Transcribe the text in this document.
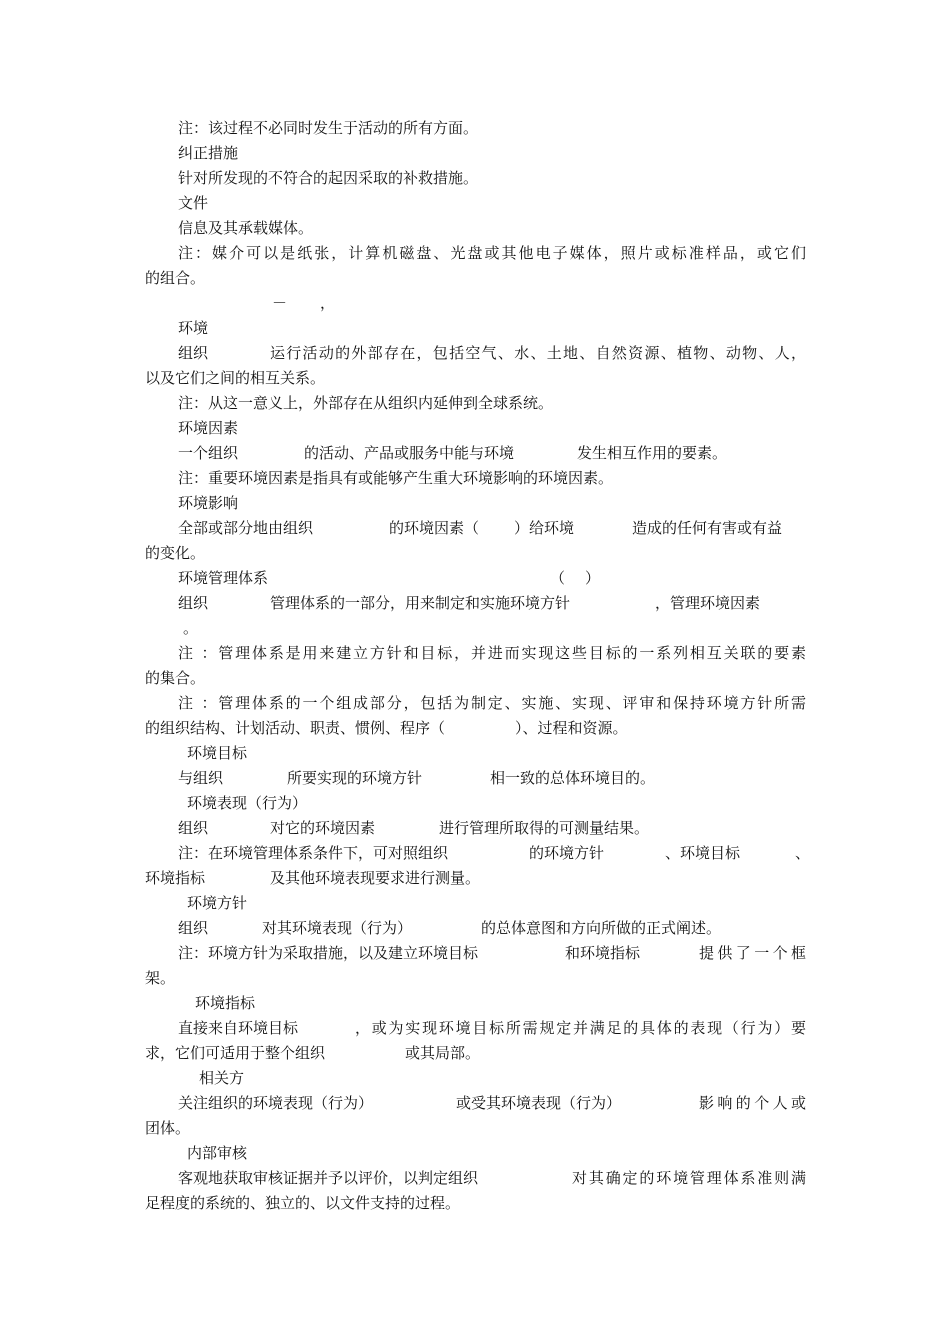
注：该过程不必同时发生于活动的所有方面。
纠正措施
针对所发现的不符合的起因采取的补救措施。
文件
信息及其承载媒体。
注：媒介可以是纸张，计算机磁盘、光盘或其他电子媒体，照片或标准样品，或它们
的组合。
－ ，
环境
组织	运行活动的外部存在，包括空气、水、土地、自然资源、植物、动物、人，
以及它们之间的相互关系。
注：从这一意义上，外部存在从组织内延伸到全球系统。
环境因素
一个组织	的活动、产品或服务中能与环境	发生相互作用的要素。
注：重要环境因素是指具有或能够产生重大环境影响的环境因素。
环境影响
全部或部分地由组织	的环境因素（ ）给环境	造成的任何有害或有益
的变化。
环境管理体系	（ ）
组织	管理体系的一部分，用来制定和实施环境方针	，管理环境因素
。
注 ：管理体系是用来建立方针和目标，并进而实现这些目标的一系列相互关联的要素
的集合。
注 ：管理体系的一个组成部分，包括为制定、实施、实现、评审和保持环境方针所需
的组织结构、计划活动、职责、惯例、程序（	）、过程和资源。
环境目标
与组织	所要实现的环境方针	相一致的总体环境目的。
环境表现（行为）
组织	对它的环境因素	进行管理所取得的可测量结果。
注：在环境管理体系条件下，可对照组织	的环境方针	、环境目标	、
环境指标	及其他环境表现要求进行测量。
环境方针
组织	对其环境表现（行为）	的总体意图和方向所做的正式阐述。
注：环境方针为采取措施，以及建立环境目标	和环境指标	提供了一个框
架。
环境指标
直接来自环境目标	，或为实现环境目标所需规定并满足的具体的表现（行为）要
求，它们可适用于整个组织	或其局部。
相关方
关注组织的环境表现（行为）	或受其环境表现（行为）	影响的个人或
团体。
内部审核
客观地获取审核证据并予以评价，以判定组织	对其确定的环境管理体系准则满
足程度的系统的、独立的、以文件支持的过程。
